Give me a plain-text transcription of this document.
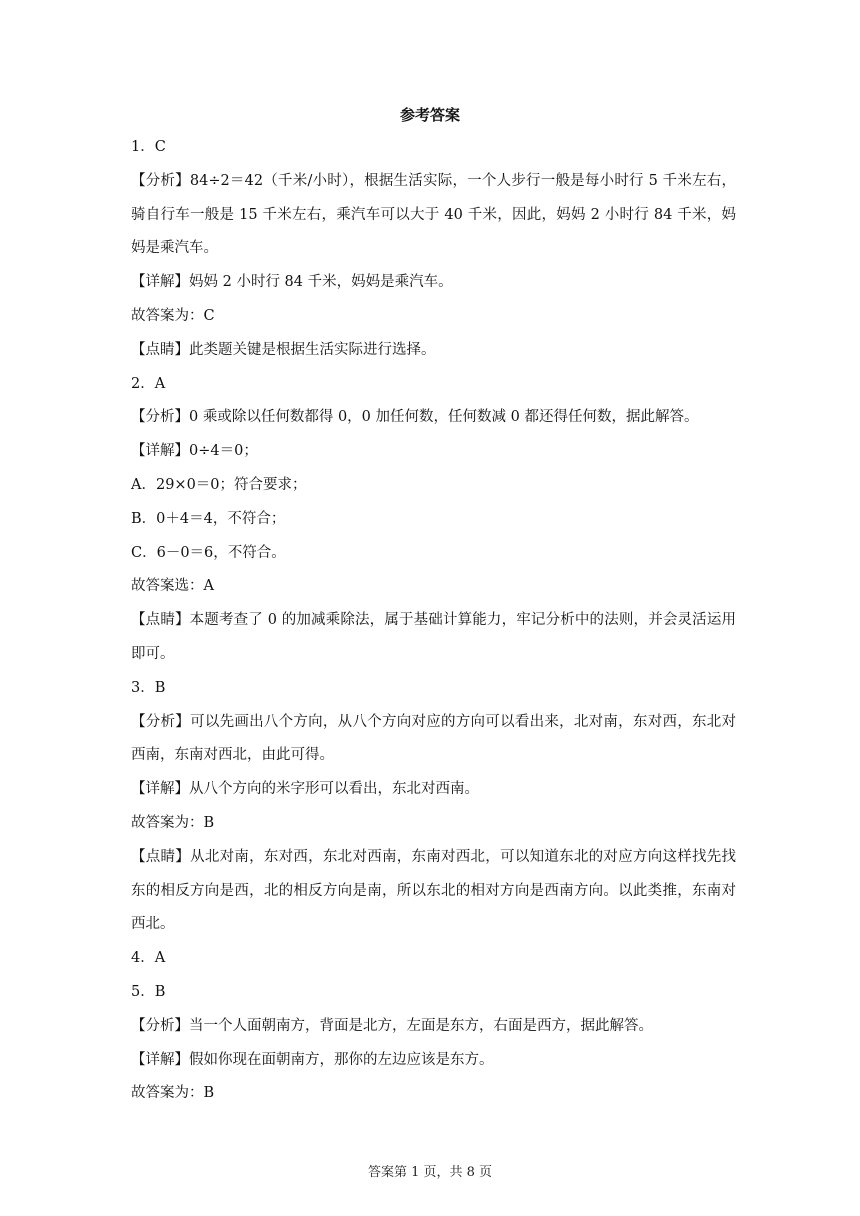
参考答案
1．C
【分析】84÷2＝42（千米/小时），根据生活实际，一个人步行一般是每小时行 5 千米左右，骑自行车一般是 15 千米左右，乘汽车可以大于 40 千米，因此，妈妈 2 小时行 84 千米，妈妈是乘汽车。
【详解】妈妈 2 小时行 84 千米，妈妈是乘汽车。
故答案为：C
【点睛】此类题关键是根据生活实际进行选择。
2．A
【分析】0 乘或除以任何数都得 0，0 加任何数，任何数减 0 都还得任何数，据此解答。
【详解】0÷4＝0；
A．29×0＝0；符合要求；
B．0＋4＝4，不符合；
C．6－0＝6，不符合。
故答案选：A
【点睛】本题考查了 0 的加减乘除法，属于基础计算能力，牢记分析中的法则，并会灵活运用即可。
3．B
【分析】可以先画出八个方向，从八个方向对应的方向可以看出来，北对南，东对西，东北对西南，东南对西北，由此可得。
【详解】从八个方向的米字形可以看出，东北对西南。
故答案为：B
【点睛】从北对南，东对西，东北对西南，东南对西北，可以知道东北的对应方向这样找先找东的相反方向是西，北的相反方向是南，所以东北的相对方向是西南方向。以此类推，东南对西北。
4．A
5．B
【分析】当一个人面朝南方，背面是北方，左面是东方，右面是西方，据此解答。
【详解】假如你现在面朝南方，那你的左边应该是东方。
故答案为：B
答案第 1 页，共 8 页
